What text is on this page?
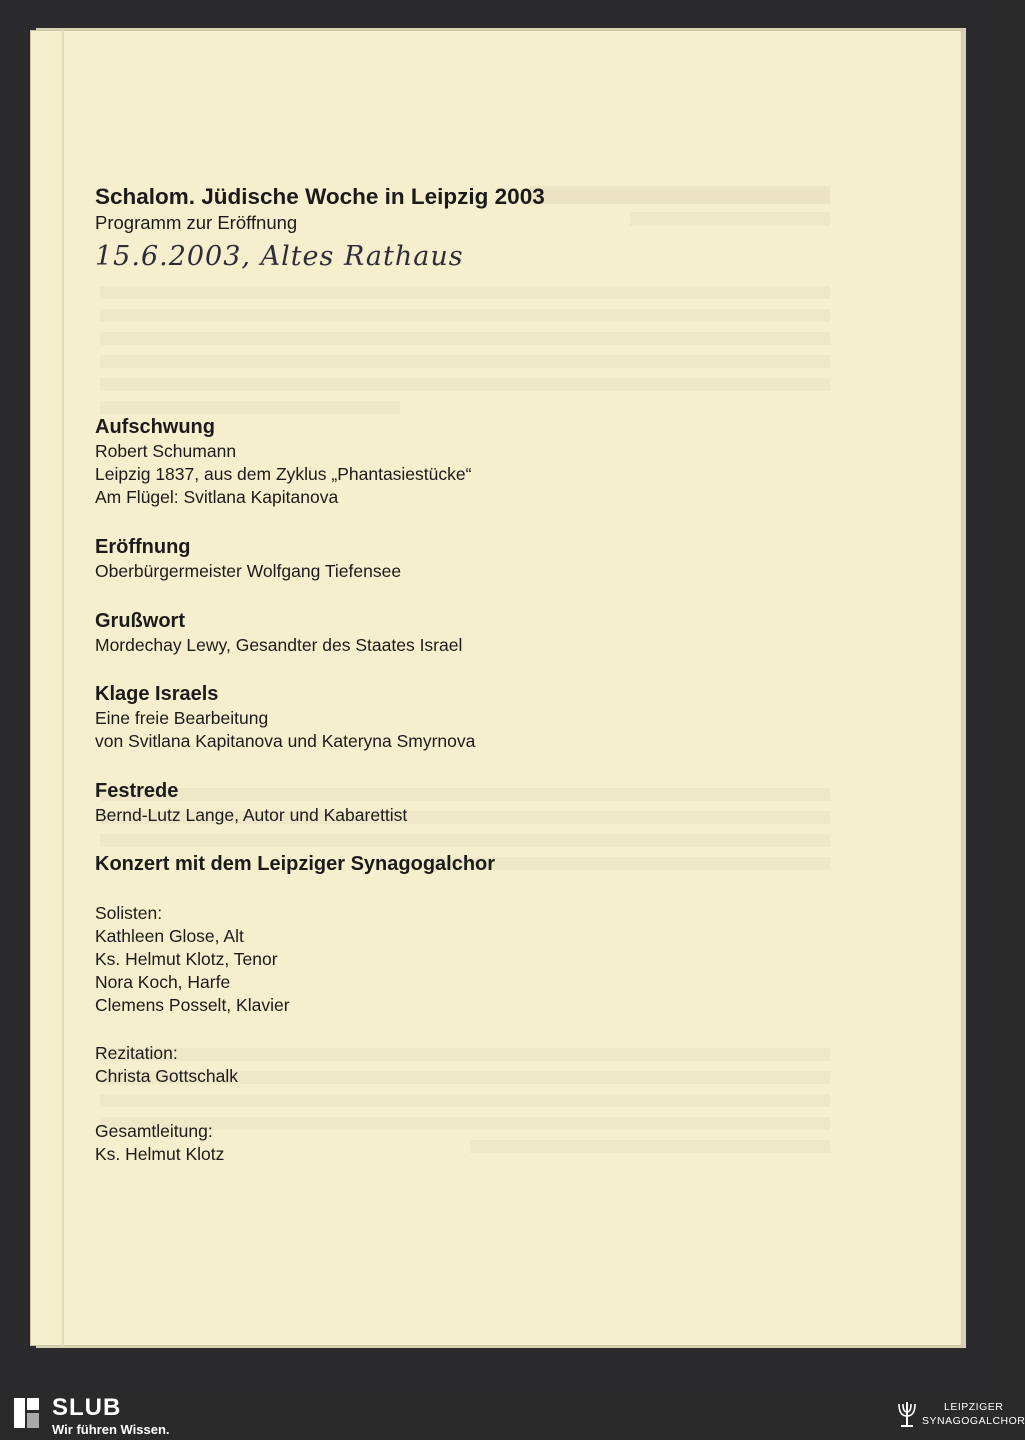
Schalom. Jüdische Woche in Leipzig 2003

Programm zur Eröffnung

15.6.2003, Altes Rathaus

Aufschwung
Robert Schumann
Leipzig 1837, aus dem Zyklus „Phantasiestücke“
Am Flügel: Svitlana Kapitanova
Eröffnung
Oberbürgermeister Wolfgang Tiefensee
Grußwort
Mordechay Lewy, Gesandter des Staates Israel
Klage Israels
Eine freie Bearbeitung
von Svitlana Kapitanova und Kateryna Smyrnova
Festrede
Bernd-Lutz Lange, Autor und Kabarettist
Konzert mit dem Leipziger Synagogalchor
Solisten:
Kathleen Glose, Alt
Ks. Helmut Klotz, Tenor
Nora Koch, Harfe
Clemens Posselt, Klavier
Rezitation:
Christa Gottschalk
Gesamtleitung:
Ks. Helmut Klotz
SLUB
Wir führen Wissen.
LEIPZIGER
SYNAGOGALCHOR
